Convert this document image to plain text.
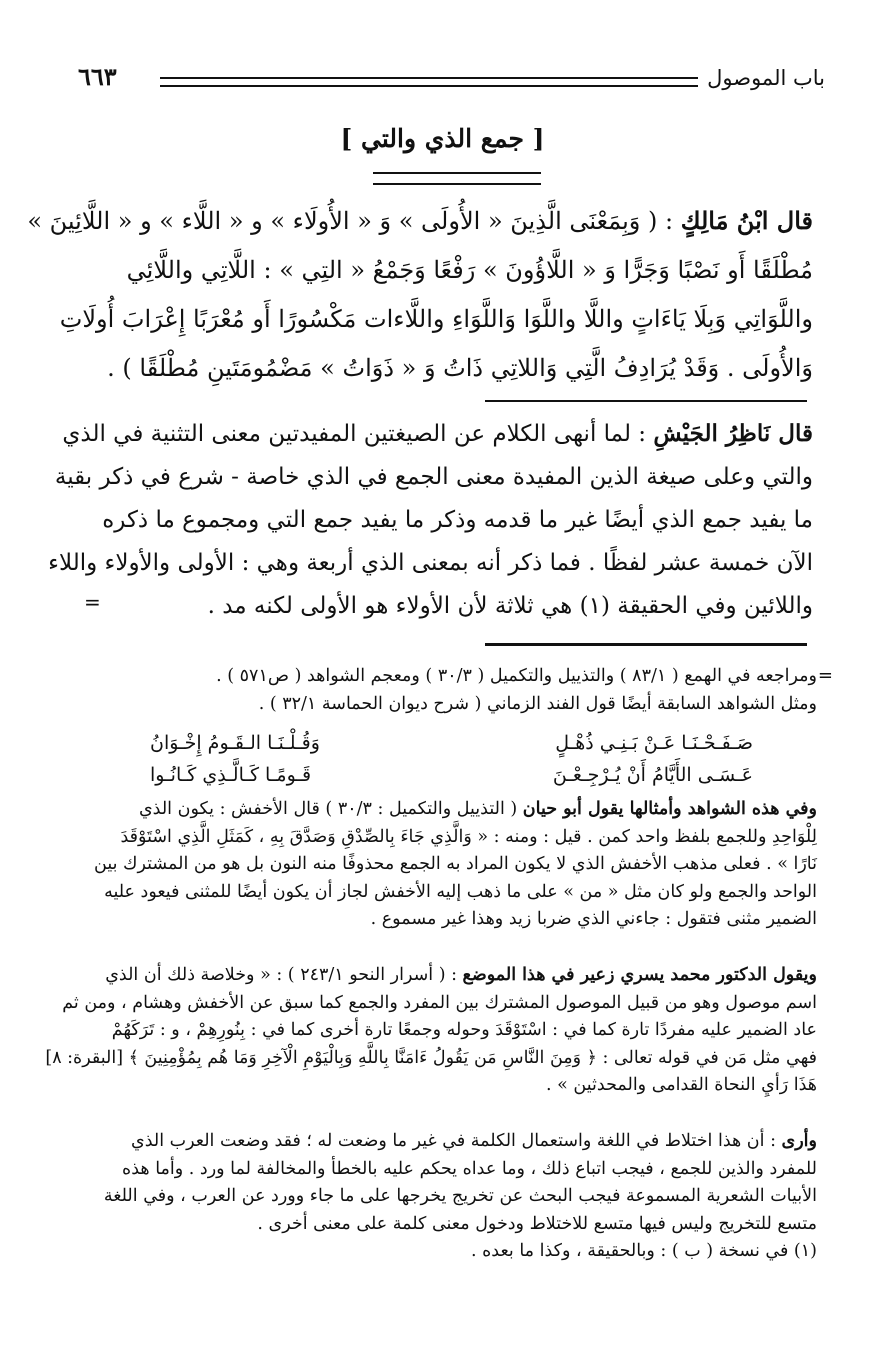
باب الموصول
٦٦٣
[ جمع الذي والتي ]
قال ابْنُ مَالِكٍ : ( وَبِمَعْنَى الَّذِينَ « الأُولَى » وَ « الأُولَاء » و « اللَّاء » و « اللَّائِينَ »
مُطْلَقًا أَو نَصْبًا وَجَرًّا وَ « اللَّاؤُونَ » رَفْعًا وَجَمْعُ « التِي » : اللَّاتِي واللَّائِي
واللَّوَاتِي وَبِلَا يَاءَاتٍ واللَّا واللَّوَا وَاللَّوَاءِ واللَّاءات مَكْسُورًا أَو مُعْرَبًا إِعْرَابَ أُولَاتِ
وَالأُولَى . وَقَدْ يُرَادِفُ الَّتِي وَاللاتِي ذَاتُ وَ « ذَوَاتُ » مَضْمُومَتَينِ مُطْلَقًا ) .
قال نَاظِرُ الجَيْشِ : لما أنهى الكلام عن الصيغتين المفيدتين معنى التثنية في الذي
والتي وعلى صيغة الذين المفيدة معنى الجمع في الذي خاصة - شرع في ذكر بقية
ما يفيد جمع الذي أيضًا غير ما قدمه وذكر ما يفيد جمع التي ومجموع ما ذكره
الآن خمسة عشر لفظًا . فما ذكر أنه بمعنى الذي أربعة وهي : الأولى والأولاء واللاء
واللائين وفي الحقيقة (١) هي ثلاثة لأن الأولاء هو الأولى لكنه مد .
=
=
ومراجعه في الهمع ( ٨٣/١ ) والتذييل والتكميل ( ٣٠/٣ ) ومعجم الشواهد ( ص٥٧١ ) .
ومثل الشواهد السابقة أيضًا قول الفند الزماني ( شرح ديوان الحماسة ٣٢/١ ) .
صَـفَـحْـنَـا عَـنْ بَـنِـي ذُهْـلٍ
وَقُـلْـنَـا الـقَـومُ إِخْـوَانُ
عَـسَـى الأَيَّامُ أَنْ يُـرْجِـعْـنَ
قَـومًـا كَـالَّـذِي كَـانُـوا
وفي هذه الشواهد وأمثالها يقول أبو حيان ( التذييل والتكميل : ٣٠/٣ ) قال الأخفش : يكون الذي
لِلْوَاحِدِ وللجمع بلفظ واحد كمن . قيل : ومنه : « وَالَّذِي جَاءَ بِالصِّدْقِ وَصَدَّقَ بِهِ ، كَمَثَلِ الَّذِي اسْتَوْقَدَ
نَارًا » . فعلى مذهب الأخفش الذي لا يكون المراد به الجمع محذوفًا منه النون بل هو من المشترك بين
الواحد والجمع ولو كان مثل « من » على ما ذهب إليه الأخفش لجاز أن يكون أيضًا للمثنى فيعود عليه
الضمير مثنى فتقول : جاءني الذي ضربا زيد وهذا غير مسموع .
ويقول الدكتور محمد يسري زعير في هذا الموضع : ( أسرار النحو ٢٤٣/١ ) : « وخلاصة ذلك أن الذي
اسم موصول وهو من قبيل الموصول المشترك بين المفرد والجمع كما سبق عن الأخفش وهشام ، ومن ثم
عاد الضمير عليه مفردًا تارة كما في : اسْتَوْقَدَ وحوله وجمعًا تارة أخرى كما في : بِنُورِهِمْ ، و : تَرَكَهُمْ
فهي مثل مَن في قوله تعالى : ﴿ وَمِنَ النَّاسِ مَن يَقُولُ ءَامَنَّا بِاللَّهِ وَبِالْيَوْمِ الْآخِرِ وَمَا هُم بِمُؤْمِنِينَ ﴾ [البقرة: ٨]
هَذَا رَأيِ النحاة القدامى والمحدثين » .
وأرى : أن هذا اختلاط في اللغة واستعمال الكلمة في غير ما وضعت له ؛ فقد وضعت العرب الذي
للمفرد والذين للجمع ، فيجب اتباع ذلك ، وما عداه يحكم عليه بالخطأ والمخالفة لما ورد . وأما هذه
الأبيات الشعرية المسموعة فيجب البحث عن تخريج يخرجها على ما جاء وورد عن العرب ، وفي اللغة
متسع للتخريج وليس فيها متسع للاختلاط ودخول معنى كلمة على معنى أخرى .
(١) في نسخة ( ب ) : وبالحقيقة ، وكذا ما بعده .
